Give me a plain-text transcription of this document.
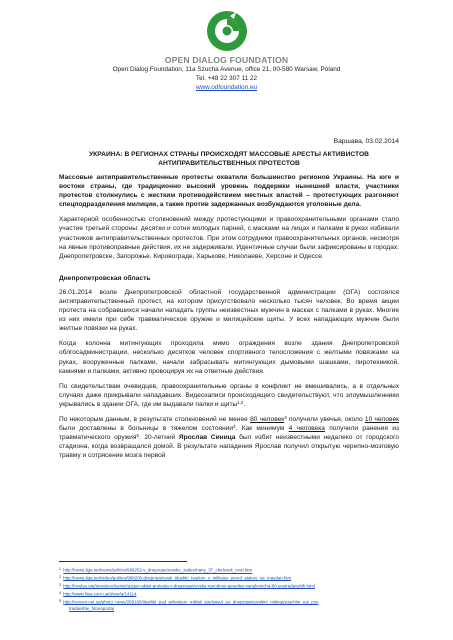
OPEN DIALOG FOUNDATION
Open Dialog Foundation, 11a Szucha Avenue, office 21, 00-580 Warsaw, Poland
Tel. +48 22 307 11 22
www.odfoundation.eu
Варшава, 03.02.2014
УКРАИНА: В РЕГИОНАХ СТРАНЫ ПРОИСХОДЯТ МАССОВЫЕ АРЕСТЫ АКТИВИСТОВ
АНТИПРАВИТЕЛЬСТВЕННЫХ ПРОТЕСТОВ

Массовые антиправительственные протесты охватили большинство регионов Украины. На юге и востоке страны, где традиционно высокий уровень поддержки нынешней власти, участники протестов столкнулись с жестким противодействием местных властей – протестующих разгоняют спецподразделения милиции, а также против задержанных возбуждаются уголовные дела.

Характерной особенностью столкновений между протестующими и правоохранительными органами стало участие третьей стороны: десятки и сотни молодых парней, с масками на лицах и палками в руках избивали участников антиправительственных протестов. При этом сотрудники правоохранительных органов, несмотря на явные противоправные действия, их не задерживали. Идентичные случаи были зафиксированы в городах: Днепропетровске, Запорожье, Кировограде, Харькове, Николаеве, Херсоне и Одессе.

Днепропетровская область

26.01.2014 возле Днепропетровской областной государственной администрации (ОГА) состоялся антиправительственный протест, на котором присутствовало несколько тысяч человек. Во время акции протеста на собравшихся начали нападать группы неизвестных мужчин в масках с палками в руках. Многие из них имели при себе травматическое оружие и милицейские щиты. У всех нападающих мужчин были желтые повязки на руках.

Когда колонна митингующих проходила мимо ограждения возле здания Днепропетровской облгосадминистрации, несколько десятков человек спортивного телосложения с желтыми повязками на руках, вооруженные палками, начали забрасывать митингующих дымовыми шашками, пиротехникой, камнями и палками, активно провоцируя их на ответные действия.

По свидетельствам очевидцев, правоохранительные органы в конфликт не вмешивались, а в отдельных случаях даже прикрывали нападавших. Видеозаписи происходящего свидетельствуют, что злоумышленники укрывались в здании ОГА, где им выдавали палки и щиты$^{1,2}$.

По некоторым данным, в результате столкновений не менее 80 человек$^3$ получили увечья, около 10 человек были доставлены в больницы в тяжелом состоянии$^4$. Как минимум 4 человека получили ранения из травматического оружия$^5$. 20-летний Ярослав Синица был избит неизвестными недалеко от городского стадиона, когда возвращался домой. В результате нападения Ярослав получил открытую черепно-мозговую травму и сотрясение мозга первой

$^1$ http://news.liga.net/news/politics/968252-v_dnepropetrovske_zaderzhany_37_chelovek_mvd.htm
$^2$ http://news.liga.net/video/politics/968200-dnepropetovsk_titushki_ryadom_s_militsiey_pered_atakoy_na_maydan.htm
$^3$ http://nvulya.org/news/exclusive/razgon-aktsii-protesta-v-dnepropetrovske-narodnoy-gvardiey-vanukovicha-80-postradavshih.html
$^4$ http://www.litsa.com.ua/show/a/14114
$^5$ http://censor.net.ua/photo_news/268160/titushki_pod_prikrytiem_militsii_strelyayut_po_dnepropetrovskim_mitinguyuschim_est_pos
tradavshie_fotoreportaj
